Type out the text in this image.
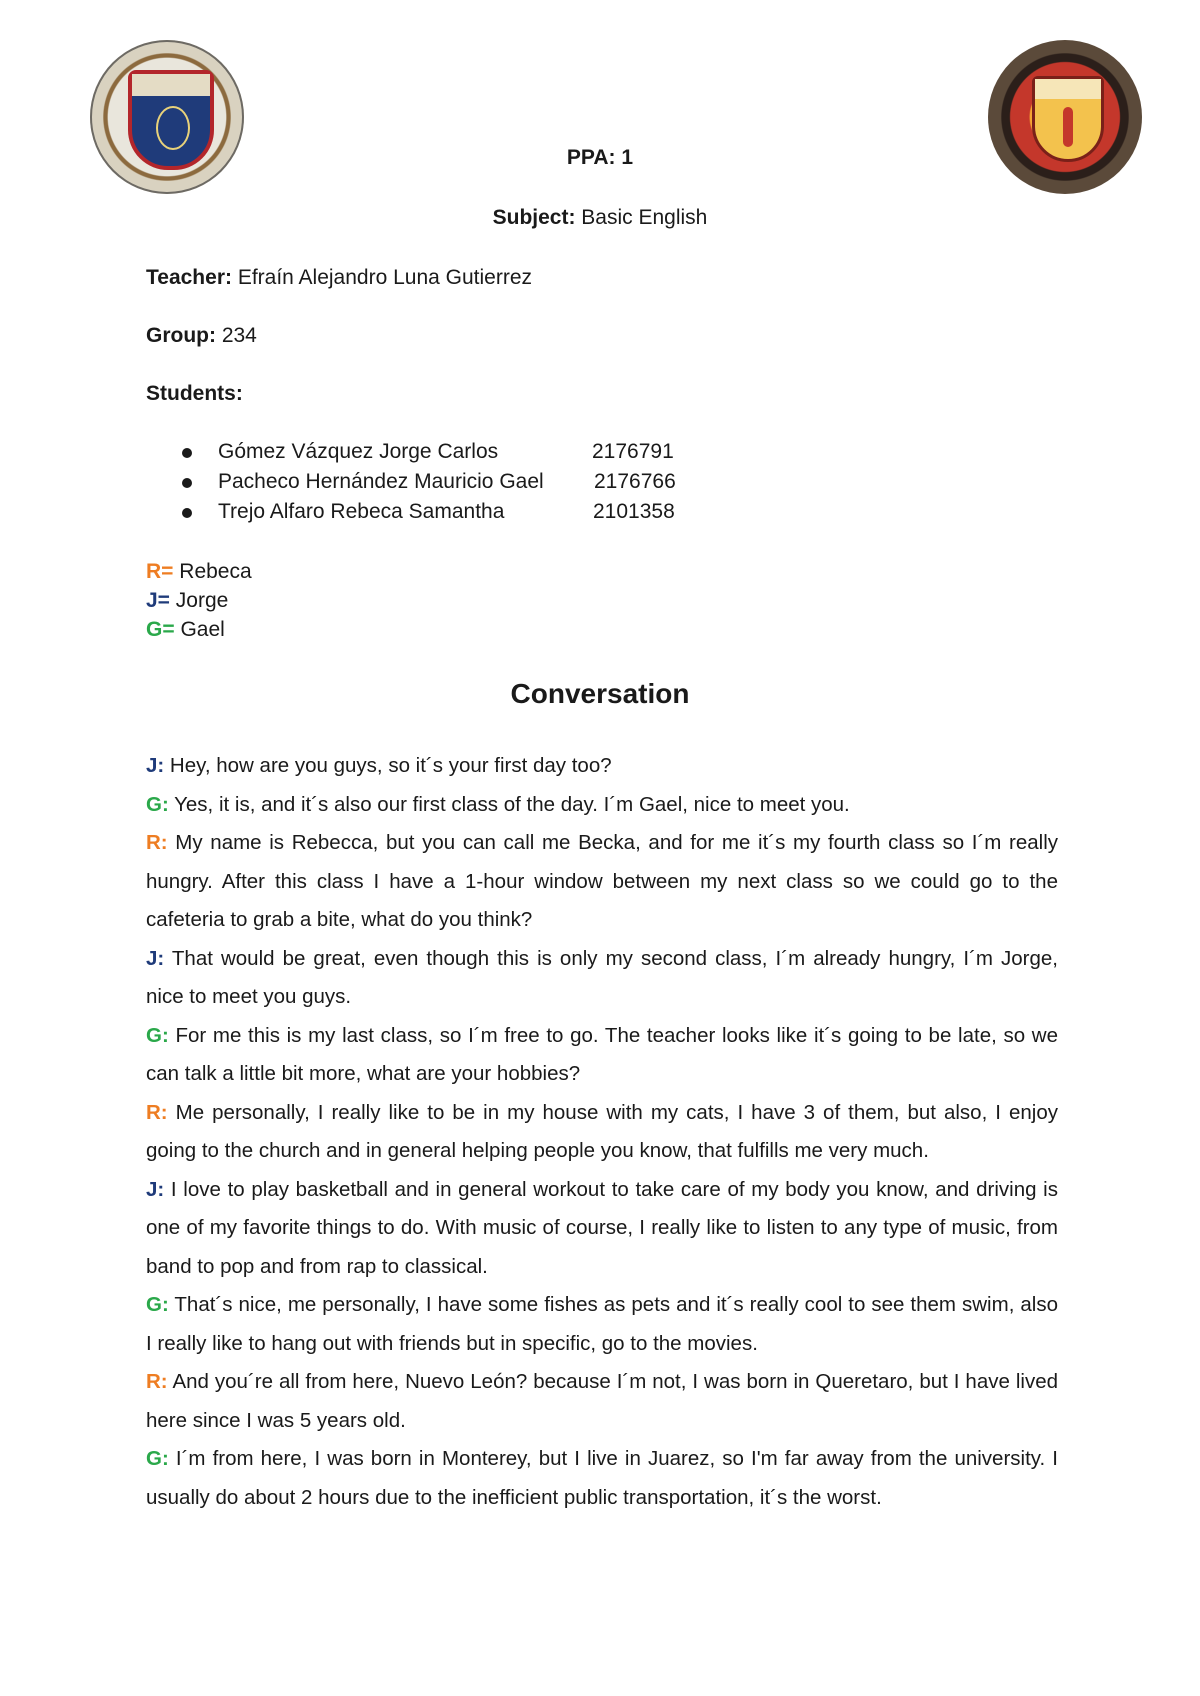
PPA: 1
Subject: Basic English
Teacher: Efraín Alejandro Luna Gutierrez
Group: 234
Students:
Gómez Vázquez Jorge Carlos	2176791
Pacheco Hernández Mauricio Gael 2176766
Trejo Alfaro Rebeca Samantha	2101358
R= Rebeca
J= Jorge
G= Gael
Conversation

J: Hey, how are you guys, so it´s your first day too?

G: Yes, it is, and it´s also our first class of the day. I´m Gael, nice to meet you.

R: My name is Rebecca, but you can call me Becka, and for me it´s my fourth class so I´m really hungry. After this class I have a 1-hour window between my next class so we could go to the cafeteria to grab a bite, what do you think?

J: That would be great, even though this is only my second class, I´m already hungry, I´m Jorge, nice to meet you guys.

G: For me this is my last class, so I´m free to go. The teacher looks like it´s going to be late, so we can talk a little bit more, what are your hobbies?

R: Me personally, I really like to be in my house with my cats, I have 3 of them, but also, I enjoy going to the church and in general helping people you know, that fulfills me very much.

J: I love to play basketball and in general workout to take care of my body you know, and driving is one of my favorite things to do. With music of course, I really like to listen to any type of music, from band to pop and from rap to classical.

G: That´s nice, me personally, I have some fishes as pets and it´s really cool to see them swim, also I really like to hang out with friends but in specific, go to the movies.

R: And you´re all from here, Nuevo León? because I´m not, I was born in Queretaro, but I have lived here since I was 5 years old.

G: I´m from here, I was born in Monterey, but I live in Juarez, so I'm far away from the university. I usually do about 2 hours due to the inefficient public transportation, it´s the worst.
